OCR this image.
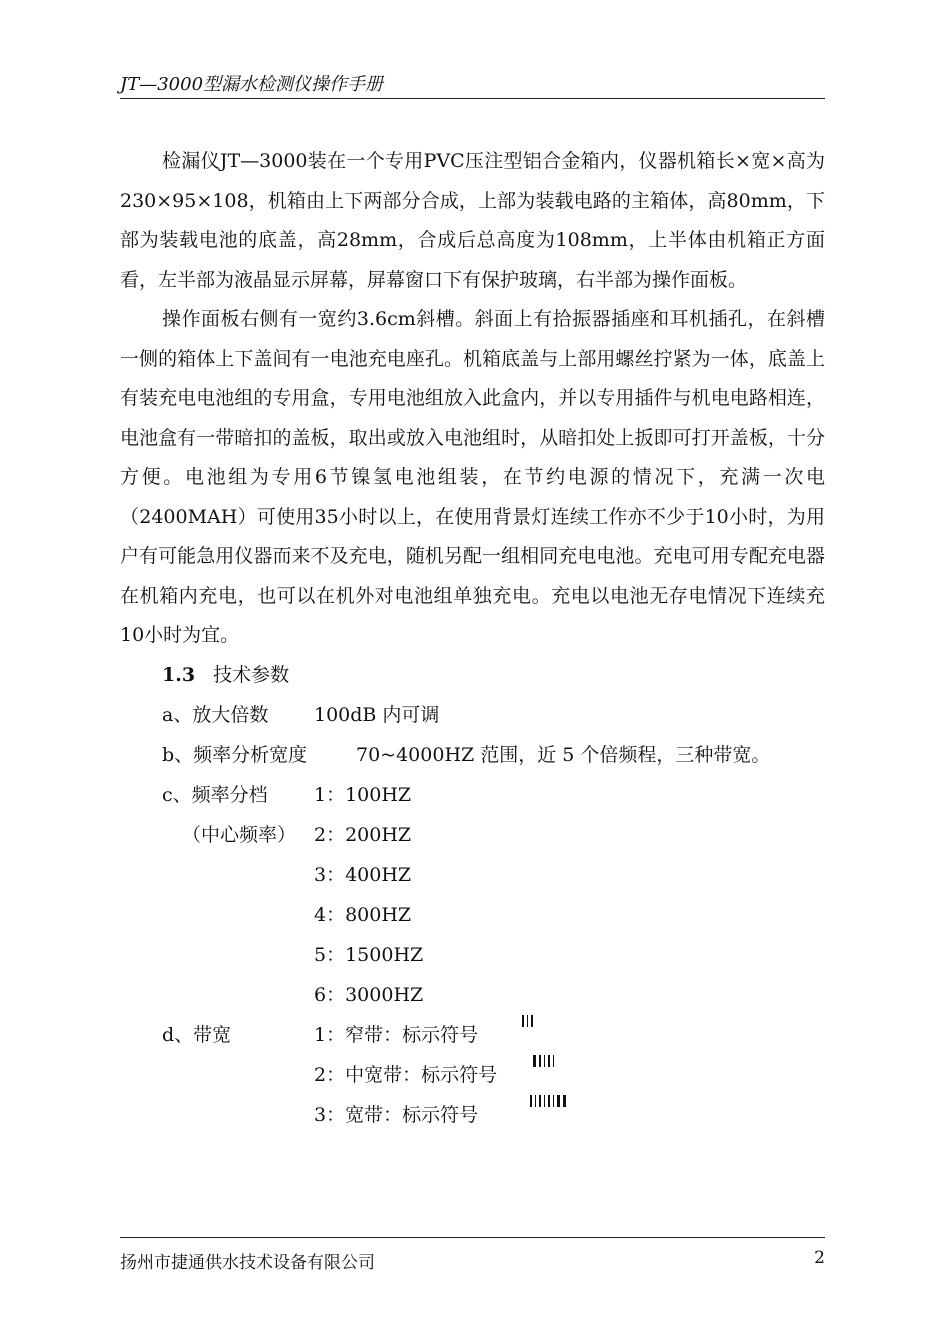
JT—3000型漏水检测仪操作手册

检漏仪JT—3000装在一个专用PVC压注型铝合金箱内，仪器机箱长×宽×高为230×95×108，机箱由上下两部分合成，上部为装载电路的主箱体，高80mm，下部为装载电池的底盖，高28mm，合成后总高度为108mm，上半体由机箱正方面看，左半部为液晶显示屏幕，屏幕窗口下有保护玻璃，右半部为操作面板。

操作面板右侧有一宽约3.6cm斜槽。斜面上有拾振器插座和耳机插孔，在斜槽一侧的箱体上下盖间有一电池充电座孔。机箱底盖与上部用螺丝拧紧为一体，底盖上有装充电电池组的专用盒，专用电池组放入此盒内，并以专用插件与机电电路相连，电池盒有一带暗扣的盖板，取出或放入电池组时，从暗扣处上扳即可打开盖板，十分方便。电池组为专用6节镍氢电池组装，在节约电源的情况下，充满一次电（2400MAH）可使用35小时以上，在使用背景灯连续工作亦不少于10小时，为用户有可能急用仪器而来不及充电，随机另配一组相同充电电池。充电可用专配充电器在机箱内充电，也可以在机外对电池组单独充电。充电以电池无存电情况下连续充10小时为宜。

1.3 技术参数
a、放大倍数	100dB 内可调
b、频率分析宽度	70~4000HZ 范围，近 5 个倍频程，三种带宽。
c、频率分档	1：100HZ
（中心频率） 2：200HZ
3：400HZ
4：800HZ
5：1500HZ
6：3000HZ
d、带宽	1：窄带：标示符号
2：中宽带：标示符号
3：宽带：标示符号
扬州市捷通供水技术设备有限公司	2
